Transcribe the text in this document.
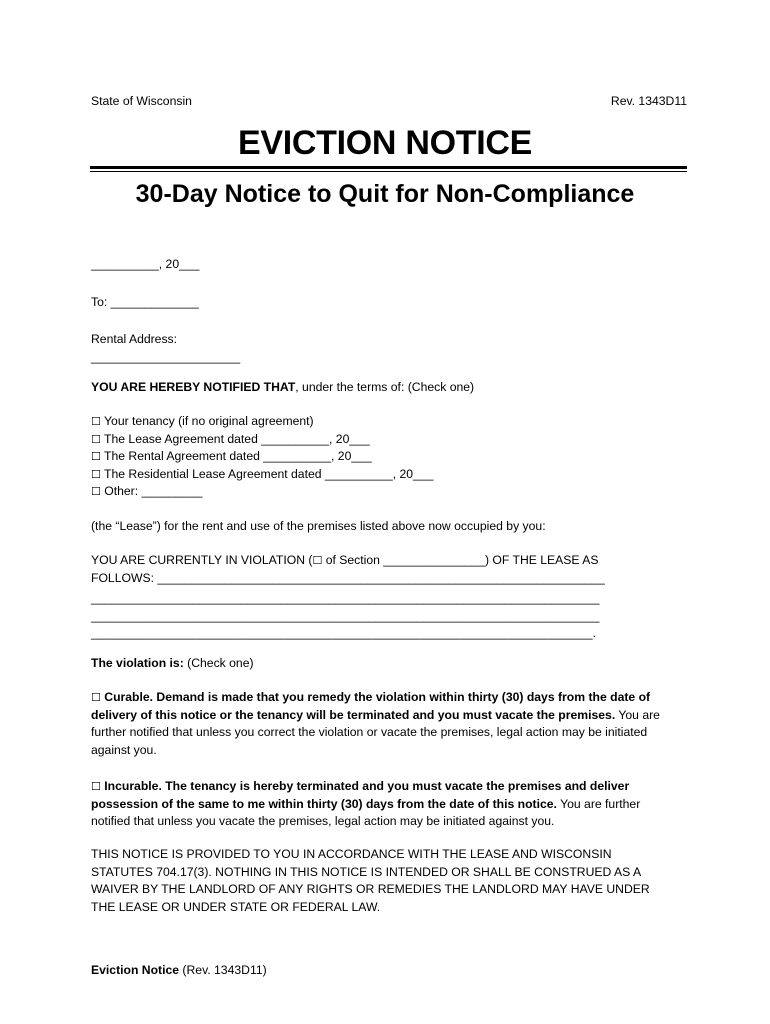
State of Wisconsin	Rev. 1343D11
EVICTION NOTICE
30-Day Notice to Quit for Non-Compliance
__________, 20___
To: _____________
Rental Address:
______________________
YOU ARE HEREBY NOTIFIED THAT, under the terms of: (Check one)
☐ Your tenancy (if no original agreement)
☐ The Lease Agreement dated __________, 20___
☐ The Rental Agreement dated __________, 20___
☐ The Residential Lease Agreement dated __________, 20___
☐ Other: _________
(the “Lease”) for the rent and use of the premises listed above now occupied by you:
YOU ARE CURRENTLY IN VIOLATION (☐ of Section _______________) OF THE LEASE AS
FOLLOWS: __________________________________________________________________
___________________________________________________________________________
___________________________________________________________________________
__________________________________________________________________________.
The violation is: (Check one)
☐ Curable. Demand is made that you remedy the violation within thirty (30) days from the date of
delivery of this notice or the tenancy will be terminated and you must vacate the premises. You are
further notified that unless you correct the violation or vacate the premises, legal action may be initiated
against you.
☐ Incurable. The tenancy is hereby terminated and you must vacate the premises and deliver
possession of the same to me within thirty (30) days from the date of this notice. You are further
notified that unless you vacate the premises, legal action may be initiated against you.
THIS NOTICE IS PROVIDED TO YOU IN ACCORDANCE WITH THE LEASE AND WISCONSIN
STATUTES 704.17(3). NOTHING IN THIS NOTICE IS INTENDED OR SHALL BE CONSTRUED AS A
WAIVER BY THE LANDLORD OF ANY RIGHTS OR REMEDIES THE LANDLORD MAY HAVE UNDER
THE LEASE OR UNDER STATE OR FEDERAL LAW.
Eviction Notice (Rev. 1343D11)
